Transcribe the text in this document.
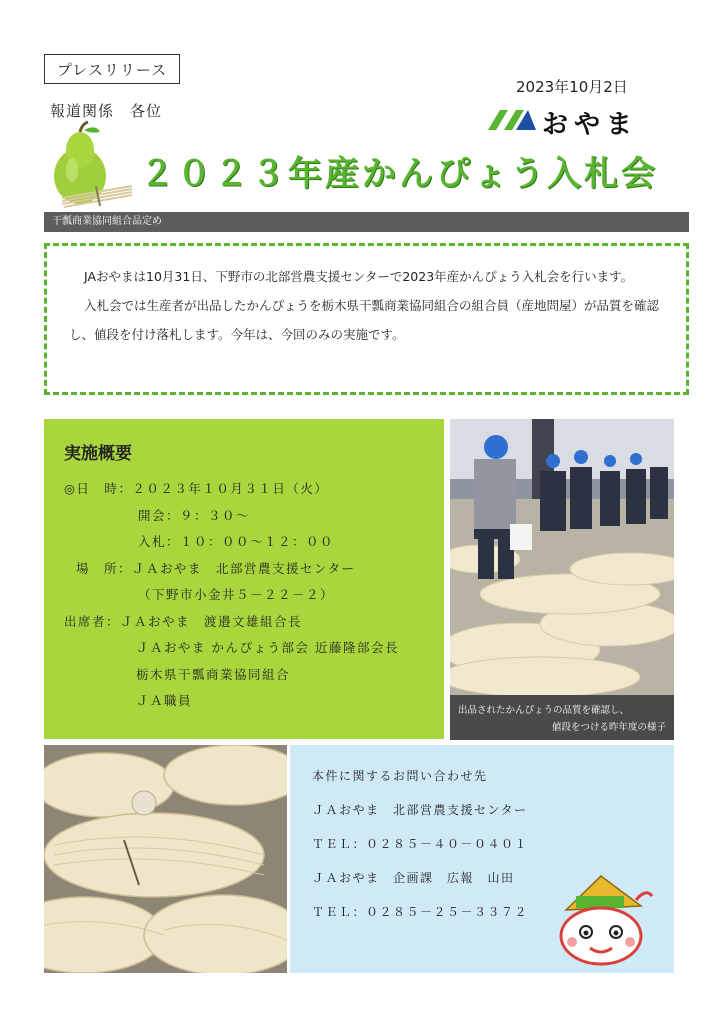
プレスリリース
報道関係　各位
2023年10月2日
おやま
２０２３年産かんぴょう入札会
干瓢商業協同組合品定め

JAおやまは10月31日、下野市の北部営農支援センターで2023年産かんぴょう入札会を行います。

入札会では生産者が出品したかんぴょうを栃木県干瓢商業協同組合の組合員（産地問屋）が品質を確認し、値段を付け落札します。今年は、今回のみの実施です。

実施概要
◎日　時：２０２３年１０月３１日（火）
開会：９：３０～
入札：１０：００～１２：００
場　所：ＪＡおやま　北部営農支援センター
（下野市小金井５－２２－２）
出席者：ＪＡおやま　渡邉文雄組合長
ＪＡおやま かんぴょう部会 近藤隆部会長
栃木県干瓢商業協同組合
ＪＡ職員
出品されたかんぴょうの品質を確認し、
値段をつける昨年度の様子
本件に関するお問い合わせ先
ＪＡおやま　北部営農支援センター
ＴＥＬ：０２８５－４０－０４０１
ＪＡおやま　企画課　広報　山田
ＴＥＬ：０２８５－２５－３３７２
